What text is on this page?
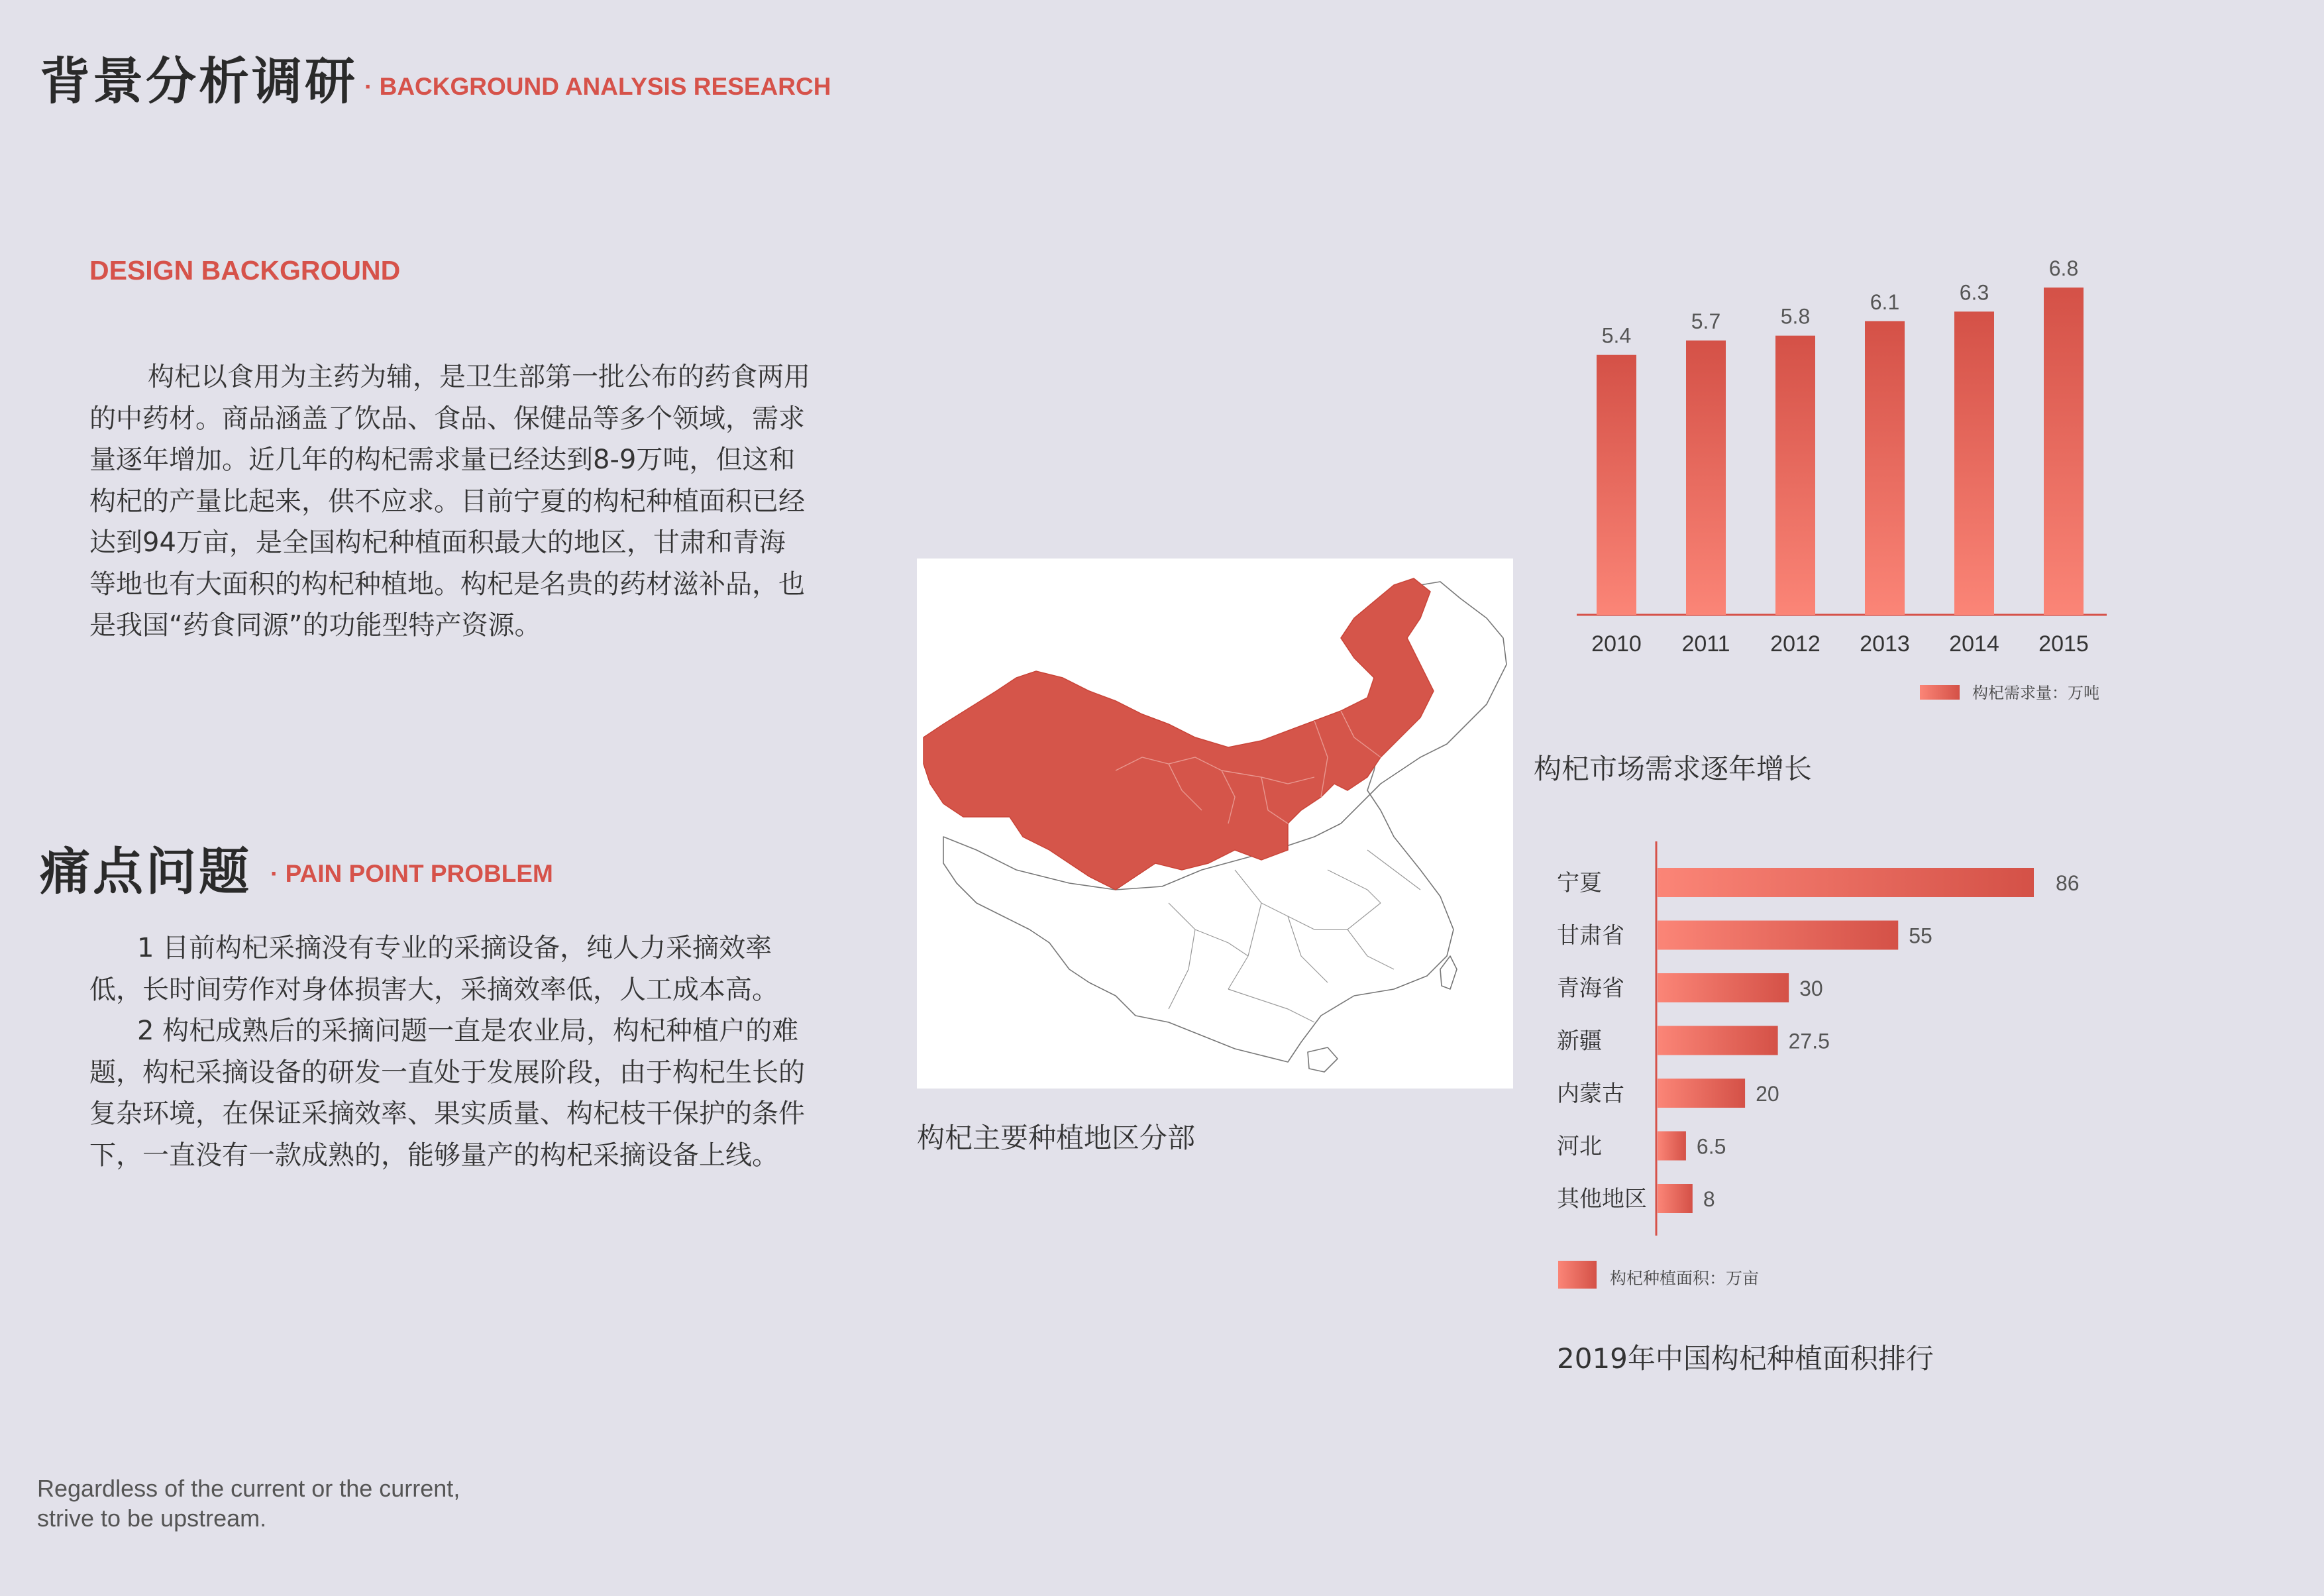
背景分析调研 · BACKGROUND ANALYSIS RESEARCH
DESIGN BACKGROUND
构杞以食用为主药为辅，是卫生部第一批公布的药食两用的中药材。商品涵盖了饮品、食品、保健品等多个领域，需求量逐年增加。近几年的构杞需求量已经达到8-9万吨，但这和构杞的产量比起来，供不应求。目前宁夏的构杞种植面积已经达到94万亩，是全国构杞种植面积最大的地区，甘肃和青海等地也有大面积的构杞种植地。构杞是名贵的药材滋补品，也是我国“药食同源”的功能型特产资源。
痛点问题 · PAIN POINT PROBLEM

1 目前构杞采摘没有专业的采摘设备，纯人力采摘效率低，长时间劳作对身体损害大，采摘效率低，人工成本高。

2 构杞成熟后的采摘问题一直是农业局，构杞种植户的难题，构杞采摘设备的研发一直处于发展阶段，由于构杞生长的复杂环境，在保证采摘效率、果实质量、构杞枝干保护的条件下，一直没有一款成熟的，能够量产的构杞采摘设备上线。

Regardless of the current or the current,
strive to be upstream.
构杞主要种植地区分部
5.4
2010
5.7
2011
5.8
2012
6.1
2013
6.3
2014
6.8
2015
构杞需求量：万吨
构杞市场需求逐年增长
宁夏	86
甘肃省	55
青海省	30
新疆	27.5
内蒙古	20
河北	6.5
其他地区	8
构杞种植面积：万亩
2019年中国构杞种植面积排行
